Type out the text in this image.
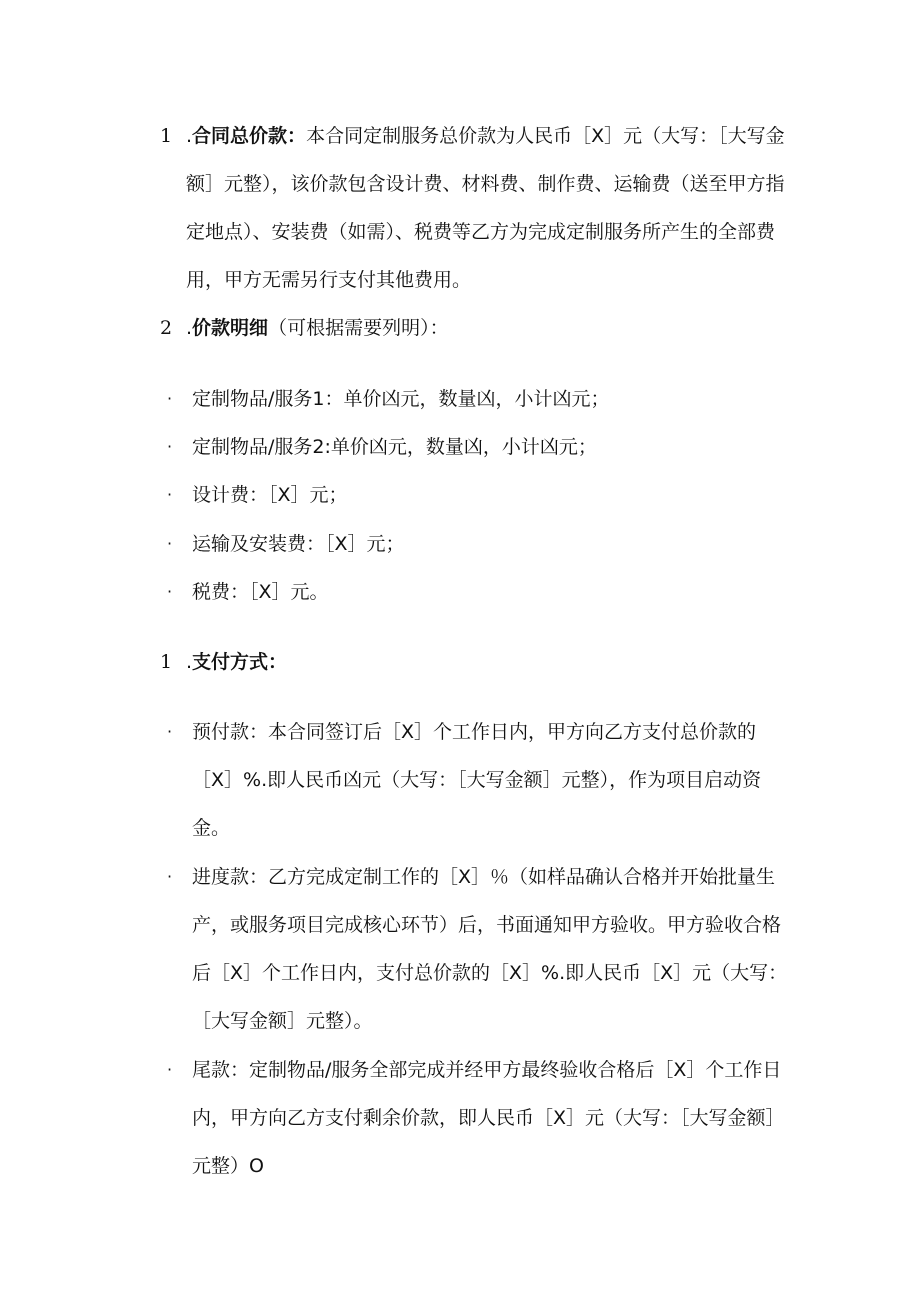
1 .合同总价款：本合同定制服务总价款为人民币［X］元（大写：［大写金额］元整），该价款包含设计费、材料费、制作费、运输费（送至甲方指定地点）、安装费（如需）、税费等乙方为完成定制服务所产生的全部费用，甲方无需另行支付其他费用。
2 .价款明细（可根据需要列明）：
· 定制物品/服务1：单价凶元，数量凶，小计凶元；
· 定制物品/服务2:单价凶元，数量凶，小计凶元；
· 设计费：［X］元；
· 运输及安装费：［X］元；
· 税费：［X］元。
1 .支付方式：
· 预付款：本合同签订后［X］个工作日内，甲方向乙方支付总价款的［X］%.即人民币凶元（大写：［大写金额］元整），作为项目启动资金。
· 进度款：乙方完成定制工作的［X］％（如样品确认合格并开始批量生产，或服务项目完成核心环节）后，书面通知甲方验收。甲方验收合格后［X］个工作日内，支付总价款的［X］%.即人民币［X］元（大写：［大写金额］元整）。
· 尾款：定制物品/服务全部完成并经甲方最终验收合格后［X］个工作日内，甲方向乙方支付剩余价款，即人民币［X］元（大写：［大写金额］元整）O
